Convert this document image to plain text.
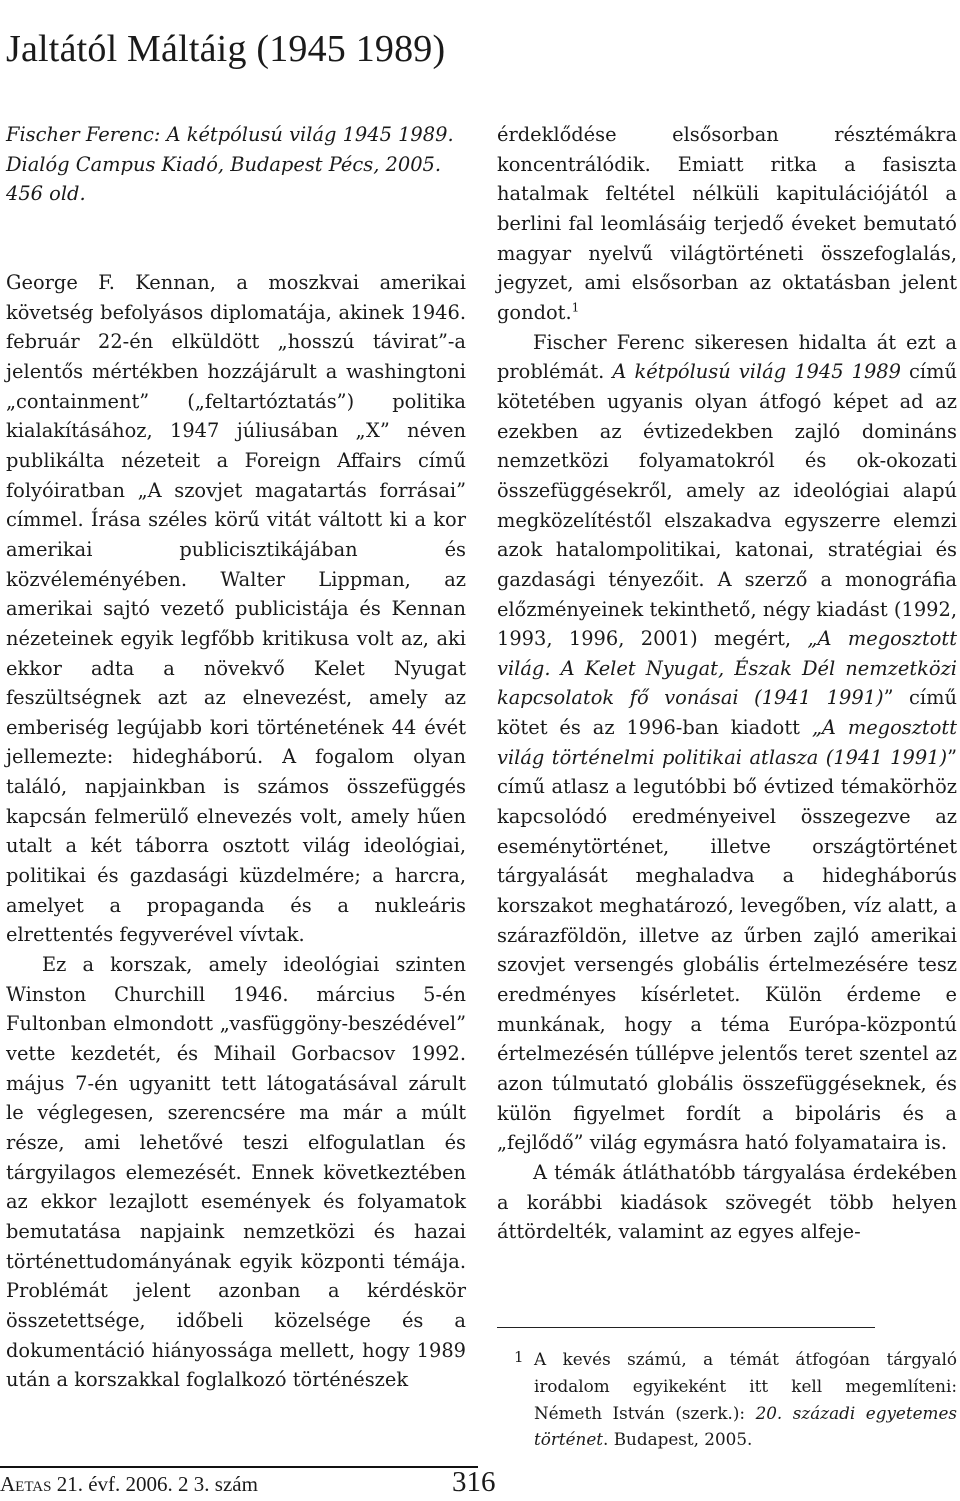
Jaltától Máltáig (1945 1989)

Fischer Ferenc: A kétpólusú világ 1945 1989. Dialóg Campus Kiadó, Budapest Pécs, 2005. 456 old.

George F. Kennan, a moszkvai amerikai követség befolyásos diplomatája, akinek 1946. február 22-én elküldött „hosszú távirat”-a jelentős mértékben hozzájárult a washingtoni „containment” („feltartóztatás”) politika kialakításához, 1947 júliusában „X” néven publikálta nézeteit a Foreign Affairs című folyóiratban „A szovjet magatartás forrásai” címmel. Írása széles körű vitát váltott ki a kor amerikai publicisztikájában és közvéleményében. Walter Lippman, az amerikai sajtó vezető publicistája és Kennan nézeteinek egyik legfőbb kritikusa volt az, aki ekkor adta a növekvő Kelet Nyugat feszültségnek azt az elnevezést, amely az emberiség legújabb kori történetének 44 évét jellemezte: hidegháború. A fogalom olyan találó, napjainkban is számos összefüggés kapcsán felmerülő elnevezés volt, amely hűen utalt a két táborra osztott világ ideológiai, politikai és gazdasági küzdelmére; a harcra, amelyet a propaganda és a nukleáris elrettentés fegyverével vívtak.

Ez a korszak, amely ideológiai szinten Winston Churchill 1946. március 5-én Fultonban elmondott „vasfüggöny-beszédével” vette kezdetét, és Mihail Gorbacsov 1992. május 7-én ugyanitt tett látogatásával zárult le véglegesen, szerencsére ma már a múlt része, ami lehetővé teszi elfogulatlan és tárgyilagos elemezését. Ennek következtében az ekkor lezajlott események és folyamatok bemutatása napjaink nemzetközi és hazai történettudományának egyik központi témája. Problémát jelent azonban a kérdéskör összetettsége, időbeli közelsége és a dokumentáció hiányossága mellett, hogy 1989 után a korszakkal foglalkozó történészek

érdeklődése elsősorban résztémákra koncentrálódik. Emiatt ritka a fasiszta hatalmak feltétel nélküli kapitulációjától a berlini fal leomlásáig terjedő éveket bemutató magyar nyelvű világtörténeti összefoglalás, jegyzet, ami elsősorban az oktatásban jelent gondot.$^1$

Fischer Ferenc sikeresen hidalta át ezt a problémát. A kétpólusú világ 1945 1989 című kötetében ugyanis olyan átfogó képet ad az ezekben az évtizedekben zajló domináns nemzetközi folyamatokról és ok-okozati összefüggésekről, amely az ideológiai alapú megközelítéstől elszakadva egyszerre elemzi azok hatalompolitikai, katonai, stratégiai és gazdasági tényezőit. A szerző a monográfia előzményeinek tekinthető, négy kiadást (1992, 1993, 1996, 2001) megért, „A megosztott világ. A Kelet Nyugat, Észak Dél nemzetközi kapcsolatok fő vonásai (1941 1991)” című kötet és az 1996-ban kiadott „A megosztott világ történelmi politikai atlasza (1941 1991)” című atlasz a legutóbbi bő évtized témakörhöz kapcsolódó eredményeivel összegezve az eseménytörténet, illetve országtörténet tárgyalását meghaladva a hidegháborús korszakot meghatározó, levegőben, víz alatt, a szárazföldön, illetve az űrben zajló amerikai szovjet versengés globális értelmezésére tesz eredményes kísérletet. Külön érdeme e munkának, hogy a téma Európa-központú értelmezésén túllépve jelentős teret szentel az azon túlmutató globális összefüggéseknek, és külön figyelmet fordít a bipoláris és a „fejlődő” világ egymásra ható folyamataira is.

A témák átláthatóbb tárgyalása érdekében a korábbi kiadások szövegét több helyen áttördelték, valamint az egyes alfeje-

1 A kevés számú, a témát átfogóan tárgyaló irodalom egyikeként itt kell megemlíteni: Németh István (szerk.): 20. századi egyetemes történet. Budapest, 2005.
AETAS 21. évf. 2006. 2 3. szám	316
